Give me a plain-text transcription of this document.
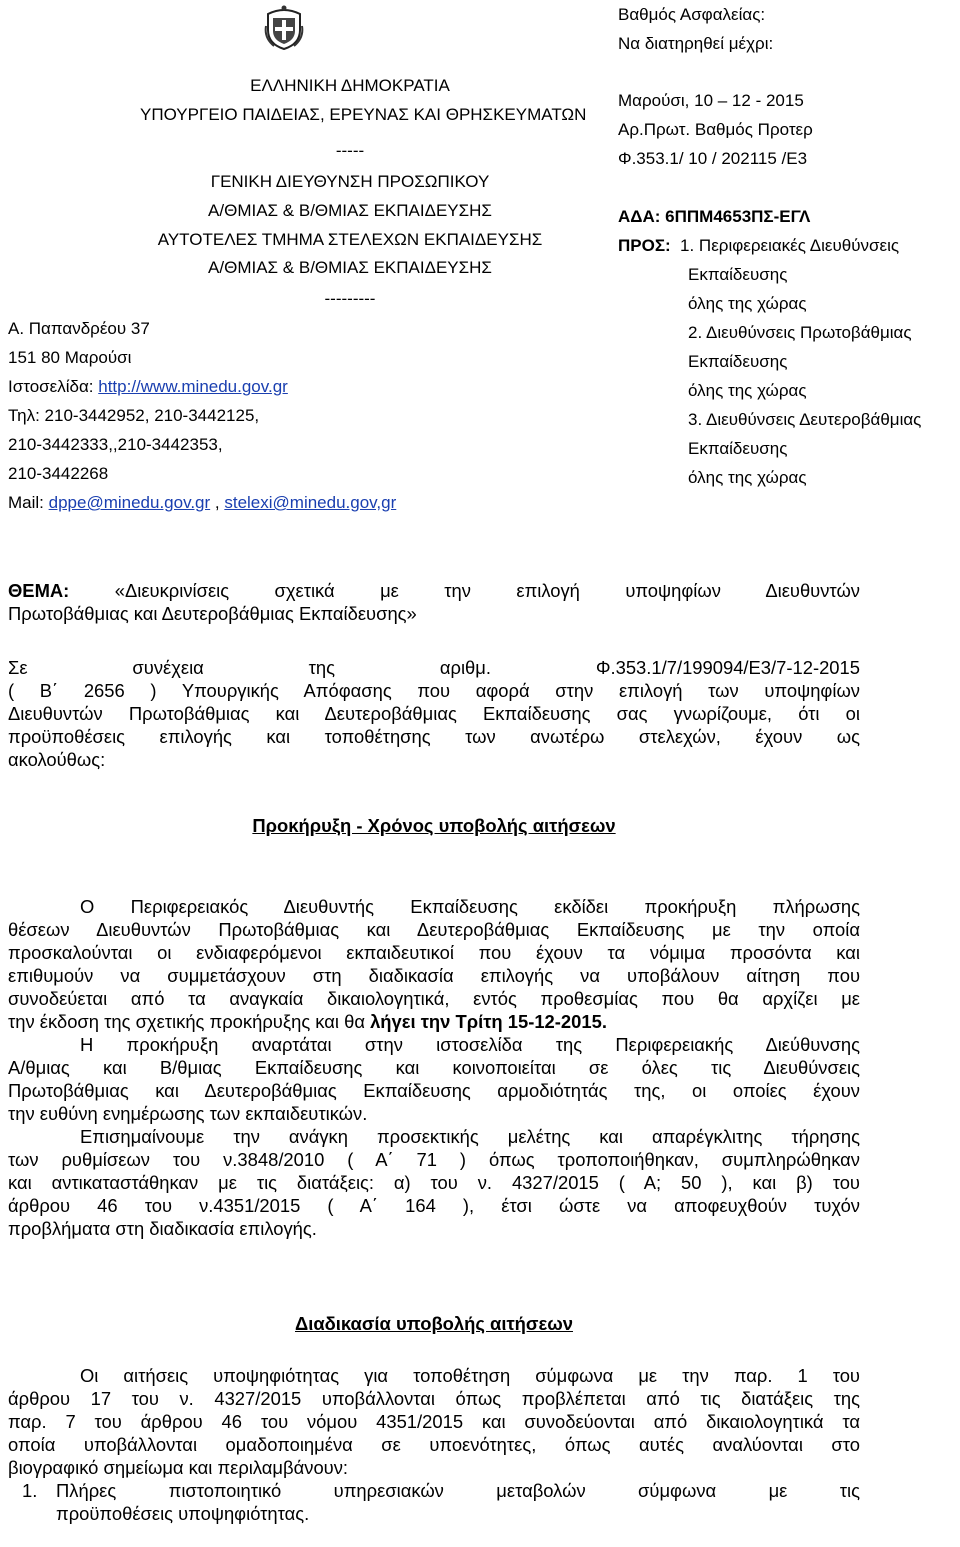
ΕΛΛΗΝΙΚΗ ΔΗΜΟΚΡΑΤΙΑ
ΥΠΟΥΡΓΕΙΟ ΠΑΙΔΕΙΑΣ, ΕΡΕΥΝΑΣ ΚΑΙ ΘΡΗΣΚΕΥΜΑΤΩΝ
-----
ΓΕΝΙΚΗ ΔΙΕΥΘΥΝΣΗ ΠΡΟΣΩΠΙΚΟΥ
Α/ΘΜΙΑΣ & Β/ΘΜΙΑΣ ΕΚΠΑΙΔΕΥΣΗΣ
ΑΥΤΟΤΕΛΕΣ ΤΜΗΜΑ ΣΤΕΛΕΧΩΝ ΕΚΠΑΙΔΕΥΣΗΣ
Α/ΘΜΙΑΣ & Β/ΘΜΙΑΣ ΕΚΠΑΙΔΕΥΣΗΣ
---------
Α. Παπανδρέου 37
151 80 Μαρούσι
Ιστοσελίδα: http://www.minedu.gov.gr
Τηλ: 210-3442952, 210-3442125,
210-3442333,,210-3442353,
210-3442268
Mail: dppe@minedu.gov.gr , stelexi@minedu.gov,gr
Βαθμός Ασφαλείας:
Να διατηρηθεί μέχρι:
Μαρούσι, 10 – 12 - 2015
Αρ.Πρωτ. Βαθμός Προτερ
Φ.353.1/ 10 / 202115 /Ε3
ΑΔΑ: 6ΠΠΜ4653ΠΣ-ΕΓΛ
ΠΡΟΣ: 1. Περιφερειακές Διευθύνσεις
Εκπαίδευσης
όλης της χώρας
2. Διευθύνσεις Πρωτοβάθμιας
Εκπαίδευσης
όλης της χώρας
3. Διευθύνσεις Δευτεροβάθμιας
Εκπαίδευσης
όλης της χώρας
ΘΕΜΑ: «Διευκρινίσεις σχετικά με την επιλογή υποψηφίων Διευθυντών
Πρωτοβάθμιας και Δευτεροβάθμιας Εκπαίδευσης»
Σε συνέχεια της αριθμ. Φ.353.1/7/199094/Ε3/7-12-2015
( Β΄ 2656 ) Υπουργικής Απόφασης που αφορά στην επιλογή των υποψηφίων
Διευθυντών Πρωτοβάθμιας και Δευτεροβάθμιας Εκπαίδευσης σας γνωρίζουμε, ότι οι
προϋποθέσεις επιλογής και τοποθέτησης των ανωτέρω στελεχών, έχουν ως
ακολούθως:
Προκήρυξη - Χρόνος υποβολής αιτήσεων
Ο Περιφερειακός Διευθυντής Εκπαίδευσης εκδίδει προκήρυξη πλήρωσης
θέσεων Διευθυντών Πρωτοβάθμιας και Δευτεροβάθμιας Εκπαίδευσης με την οποία
προσκαλούνται οι ενδιαφερόμενοι εκπαιδευτικοί που έχουν τα νόμιμα προσόντα και
επιθυμούν να συμμετάσχουν στη διαδικασία επιλογής να υποβάλουν αίτηση που
συνοδεύεται από τα αναγκαία δικαιολογητικά, εντός προθεσμίας που θα αρχίζει με
την έκδοση της σχετικής προκήρυξης και θα λήγει την Τρίτη 15-12-2015.
Η προκήρυξη αναρτάται στην ιστοσελίδα της Περιφερειακής Διεύθυνσης
Α/θμιας και Β/θμιας Εκπαίδευσης και κοινοποιείται σε όλες τις Διευθύνσεις
Πρωτοβάθμιας και Δευτεροβάθμιας Εκπαίδευσης αρμοδιότητάς της, οι οποίες έχουν
την ευθύνη ενημέρωσης των εκπαιδευτικών.
Επισημαίνουμε την ανάγκη προσεκτικής μελέτης και απαρέγκλιτης τήρησης
των ρυθμίσεων του ν.3848/2010 ( Α΄ 71 ) όπως τροποποιήθηκαν, συμπληρώθηκαν
και αντικαταστάθηκαν με τις διατάξεις: α) του ν. 4327/2015 ( Α; 50 ), και β) του
άρθρου 46 του ν.4351/2015 ( Α΄ 164 ), έτσι ώστε να αποφευχθούν τυχόν
προβλήματα στη διαδικασία επιλογής.
Διαδικασία υποβολής αιτήσεων
Οι αιτήσεις υποψηφιότητας για τοποθέτηση σύμφωνα με την παρ. 1 του
άρθρου 17 του ν. 4327/2015 υποβάλλονται όπως προβλέπεται από τις διατάξεις της
παρ. 7 του άρθρου 46 του νόμου 4351/2015 και συνοδεύονται από δικαιολογητικά τα
οποία υποβάλλονται ομαδοποιημένα σε υποενότητες, όπως αυτές αναλύονται στο
βιογραφικό σημείωμα και περιλαμβάνουν:
1. Πλήρες πιστοποιητικό υπηρεσιακών μεταβολών σύμφωνα με τις
προϋποθέσεις υποψηφιότητας.
